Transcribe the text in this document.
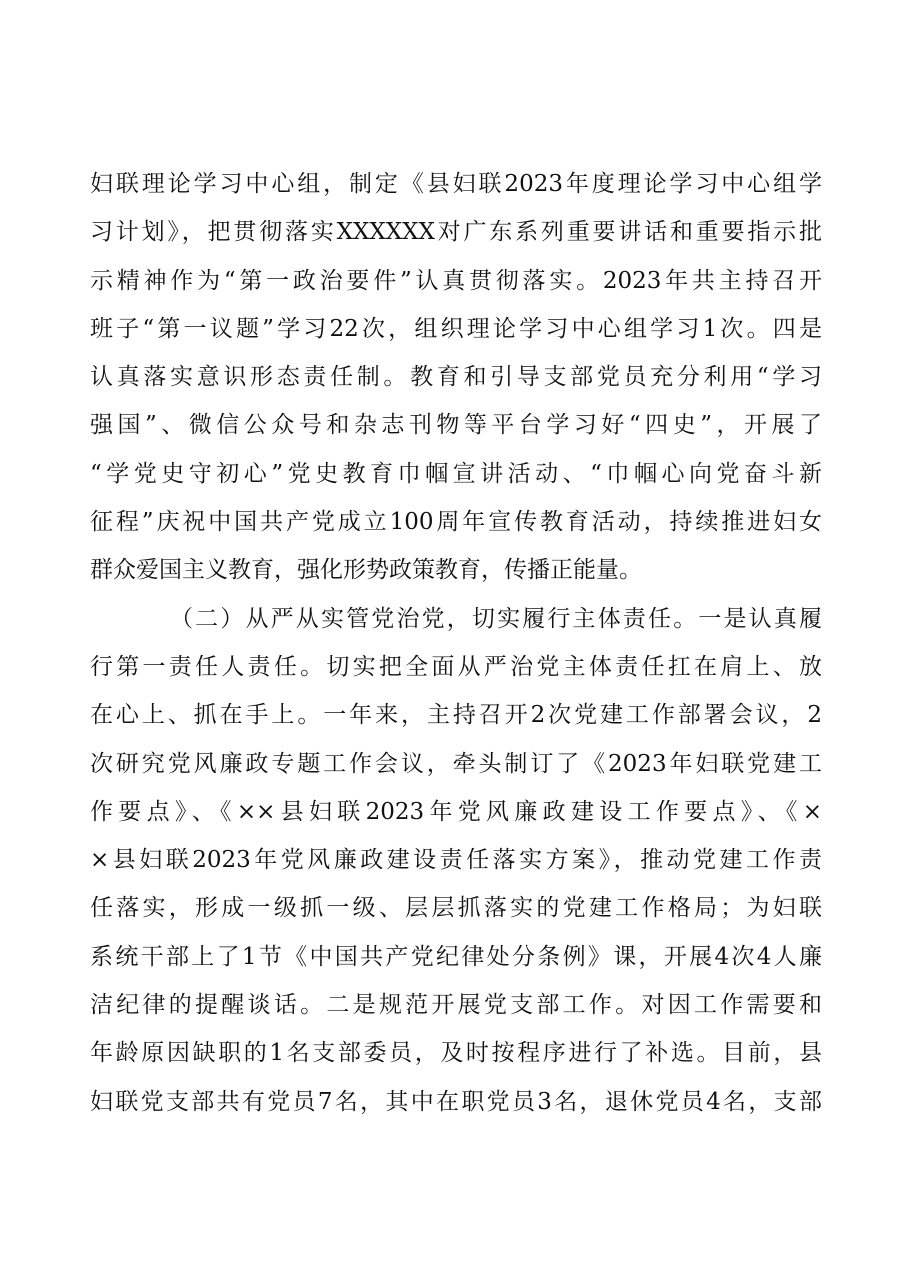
妇联理论学习中心组，制定《县妇联2023年度理论学习中心组学
习计划》，把贯彻落实XXXXXX对广东系列重要讲话和重要指示批
示精神作为“第一政治要件”认真贯彻落实。2023年共主持召开
班子“第一议题”学习22次，组织理论学习中心组学习1次。四是
认真落实意识形态责任制。教育和引导支部党员充分利用“学习
强国”、微信公众号和杂志刊物等平台学习好“四史”，开展了
“学党史守初心”党史教育巾帼宣讲活动、“巾帼心向党奋斗新
征程”庆祝中国共产党成立100周年宣传教育活动，持续推进妇女
群众爱国主义教育，强化形势政策教育，传播正能量。
（二）从严从实管党治党，切实履行主体责任。一是认真履
行第一责任人责任。切实把全面从严治党主体责任扛在肩上、放
在心上、抓在手上。一年来，主持召开2次党建工作部署会议，2
次研究党风廉政专题工作会议，牵头制订了《2023年妇联党建工
作要点》、《××县妇联2023年党风廉政建设工作要点》、《×
×县妇联2023年党风廉政建设责任落实方案》，推动党建工作责
任落实，形成一级抓一级、层层抓落实的党建工作格局；为妇联
系统干部上了1节《中国共产党纪律处分条例》课，开展4次4人廉
洁纪律的提醒谈话。二是规范开展党支部工作。对因工作需要和
年龄原因缺职的1名支部委员，及时按程序进行了补选。目前，县
妇联党支部共有党员7名，其中在职党员3名，退休党员4名，支部
